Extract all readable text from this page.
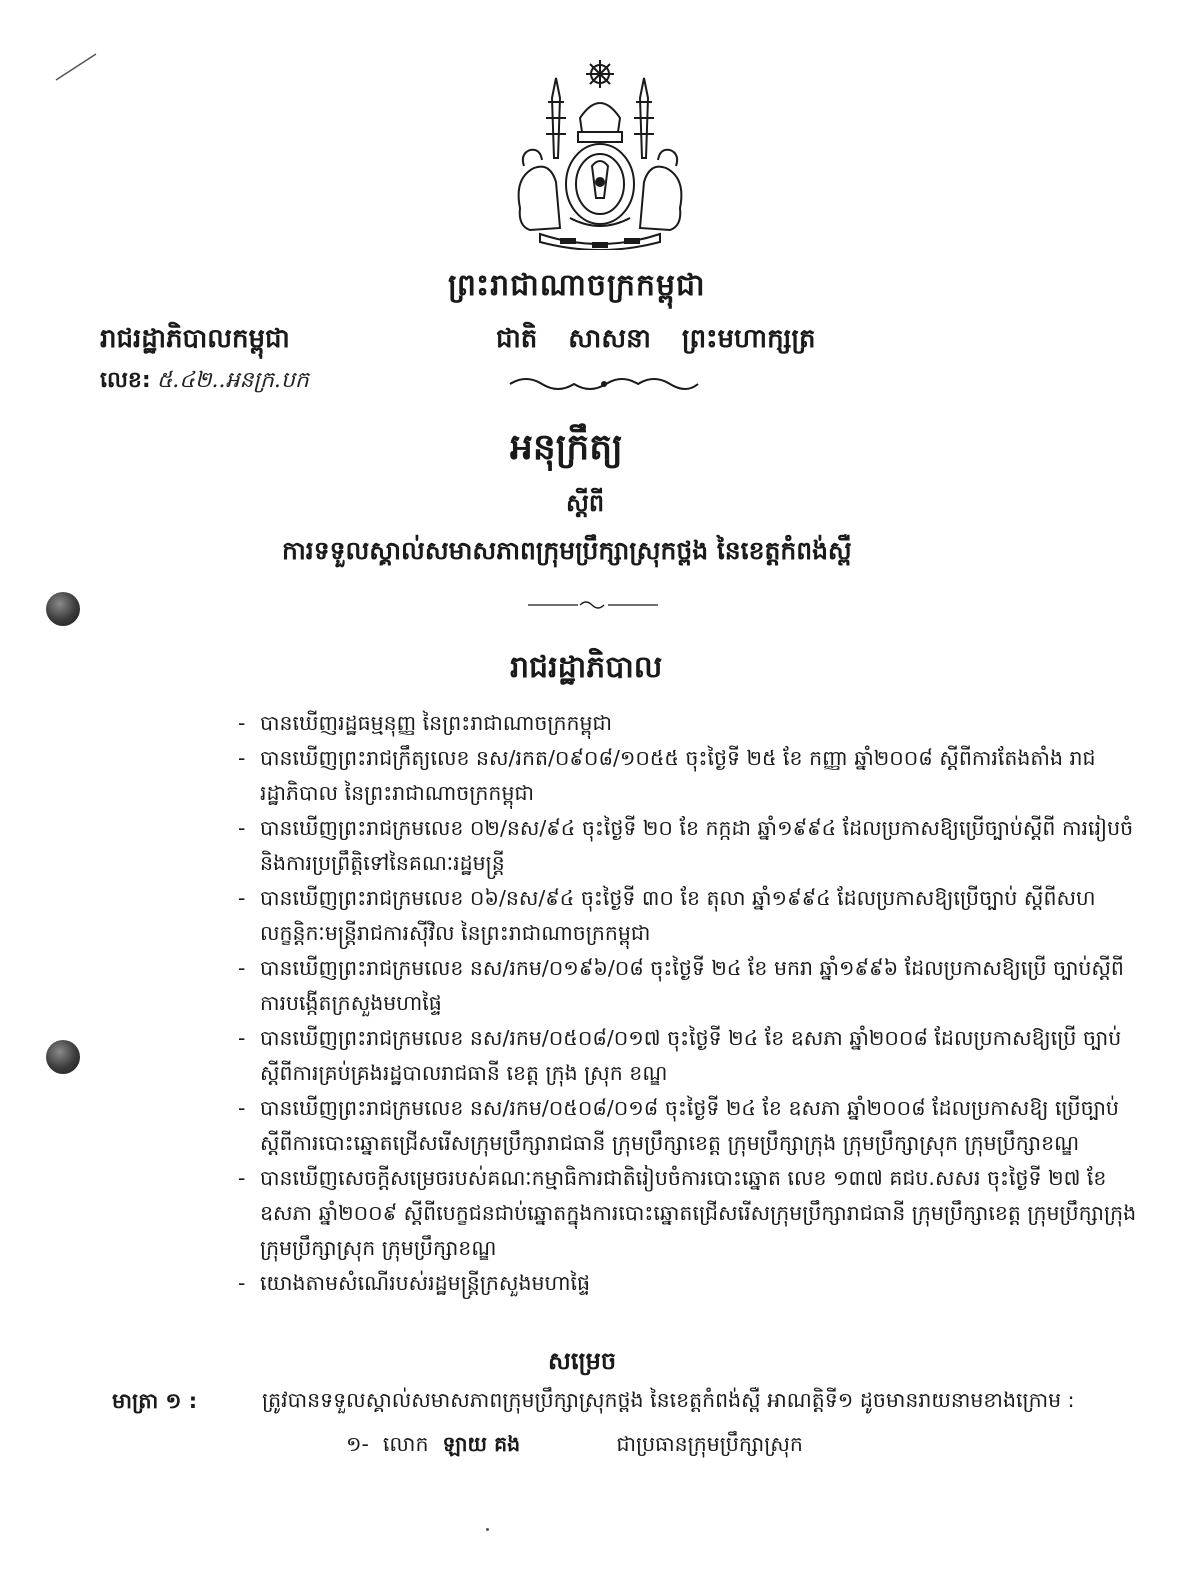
ព្រះរាជាណាចក្រកម្ពុជា
រាជរដ្ឋាភិបាលកម្ពុជា	ជាតិ សាសនា ព្រះមហាក្សត្រ
លេខ: ៥.៤២..អនក្រ.បក
អនុក្រឹត្យ
ស្តីពី
ការទទួលស្គាល់សមាសភាពក្រុមប្រឹក្សាស្រុកថ្ពង នៃខេត្តកំពង់ស្ពឺ
រាជរដ្ឋាភិបាល
- បានឃើញរដ្ឋធម្មនុញ្ញ នៃព្រះរាជាណាចក្រកម្ពុជា
- បានឃើញព្រះរាជក្រឹត្យលេខ នស/រកត/០៩០៨/១០៥៥ ចុះថ្ងៃទី ២៥ ខែ កញ្ញា ឆ្នាំ២០០៨ ស្តីពីការតែងតាំង រាជរដ្ឋាភិបាល នៃព្រះរាជាណាចក្រកម្ពុជា
- បានឃើញព្រះរាជក្រមលេខ ០២/នស/៩៤ ចុះថ្ងៃទី ២០ ខែ កក្កដា ឆ្នាំ១៩៩៤ ដែលប្រកាសឱ្យប្រើច្បាប់ស្តីពី ការរៀបចំ និងការប្រព្រឹត្តិទៅនៃគណៈរដ្ឋមន្ត្រី
- បានឃើញព្រះរាជក្រមលេខ ០៦/នស/៩៤ ចុះថ្ងៃទី ៣០ ខែ តុលា ឆ្នាំ១៩៩៤ ដែលប្រកាសឱ្យប្រើច្បាប់ ស្តីពីសហលក្ខន្តិកៈមន្ត្រីរាជការស៊ីវិល នៃព្រះរាជាណាចក្រកម្ពុជា
- បានឃើញព្រះរាជក្រមលេខ នស/រកម/០១៩៦/០៨ ចុះថ្ងៃទី ២៤ ខែ មករា ឆ្នាំ១៩៩៦ ដែលប្រកាសឱ្យប្រើ ច្បាប់ស្តីពីការបង្កើតក្រសួងមហាផ្ទៃ
- បានឃើញព្រះរាជក្រមលេខ នស/រកម/០៥០៨/០១៧ ចុះថ្ងៃទី ២៤ ខែ ឧសភា ឆ្នាំ២០០៨ ដែលប្រកាសឱ្យប្រើ ច្បាប់ស្តីពីការគ្រប់គ្រងរដ្ឋបាលរាជធានី ខេត្ត ក្រុង ស្រុក ខណ្ឌ
- បានឃើញព្រះរាជក្រមលេខ នស/រកម/០៥០៨/០១៨ ចុះថ្ងៃទី ២៤ ខែ ឧសភា ឆ្នាំ២០០៨ ដែលប្រកាសឱ្យ ប្រើច្បាប់ស្តីពីការបោះឆ្នោតជ្រើសរើសក្រុមប្រឹក្សារាជធានី ក្រុមប្រឹក្សាខេត្ត ក្រុមប្រឹក្សាក្រុង ក្រុមប្រឹក្សាស្រុក ក្រុមប្រឹក្សាខណ្ឌ
- បានឃើញសេចក្តីសម្រេចរបស់គណៈកម្មាធិការជាតិរៀបចំការបោះឆ្នោត លេខ ១៣៧ គជប.សសរ ចុះថ្ងៃទី ២៧ ខែ ឧសភា ឆ្នាំ២០០៩ ស្តីពីបេក្ខជនជាប់ឆ្នោតក្នុងការបោះឆ្នោតជ្រើសរើសក្រុមប្រឹក្សារាជធានី ក្រុមប្រឹក្សាខេត្ត ក្រុមប្រឹក្សាក្រុង ក្រុមប្រឹក្សាស្រុក ក្រុមប្រឹក្សាខណ្ឌ
- យោងតាមសំណើរបស់រដ្ឋមន្ត្រីក្រសួងមហាផ្ទៃ
សម្រេច
មាត្រា ១ :	ត្រូវបានទទួលស្គាល់សមាសភាពក្រុមប្រឹក្សាស្រុកថ្ពង នៃខេត្តកំពង់ស្ពឺ អាណត្តិទី១ ដូចមានរាយនាមខាងក្រោម :
១- លោក ឡាយ គង	ជាប្រធានក្រុមប្រឹក្សាស្រុក
